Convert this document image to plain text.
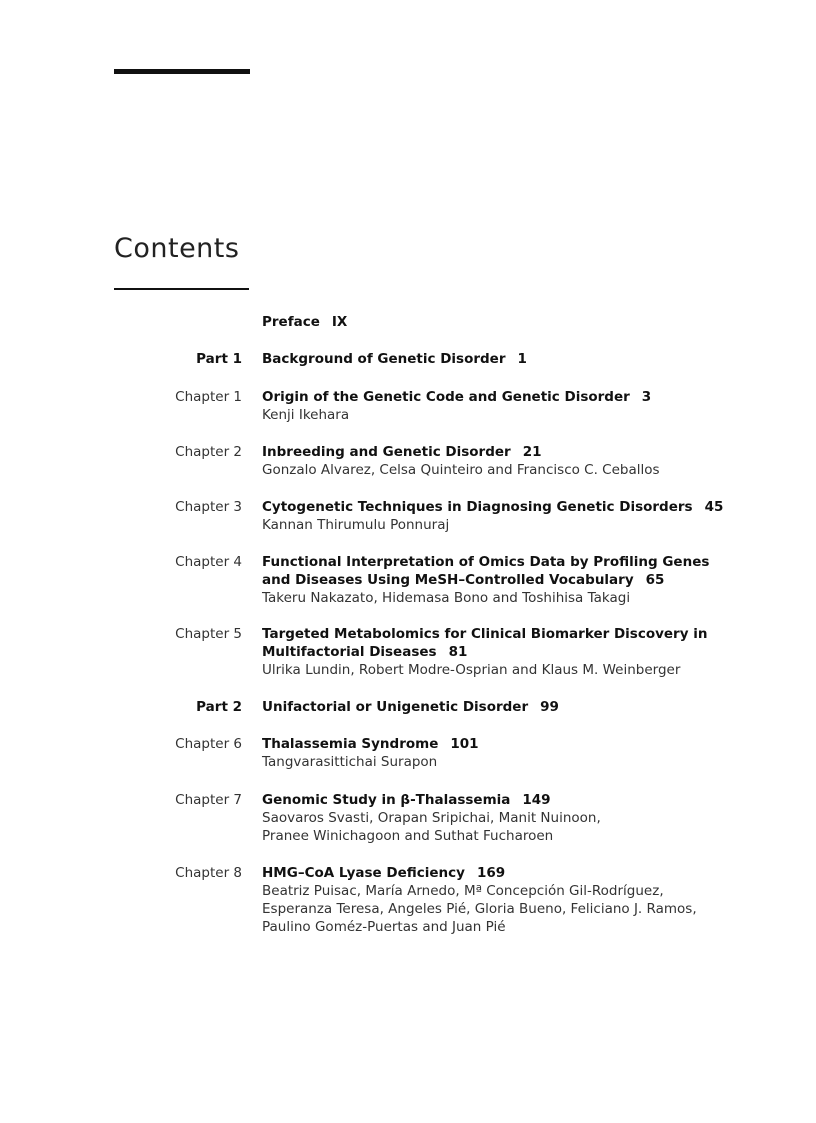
Contents
Preface IX
Part 1 Background of Genetic Disorder 1
Chapter 1 Origin of the Genetic Code and Genetic Disorder 3
Kenji Ikehara
Chapter 2 Inbreeding and Genetic Disorder 21
Gonzalo Alvarez, Celsa Quinteiro and Francisco C. Ceballos
Chapter 3 Cytogenetic Techniques in Diagnosing Genetic Disorders 45
Kannan Thirumulu Ponnuraj
Chapter 4 Functional Interpretation of Omics Data by Profiling Genes
and Diseases Using MeSH–Controlled Vocabulary 65
Takeru Nakazato, Hidemasa Bono and Toshihisa Takagi
Chapter 5 Targeted Metabolomics for Clinical Biomarker Discovery in
Multifactorial Diseases 81
Ulrika Lundin, Robert Modre-Osprian and Klaus M. Weinberger
Part 2 Unifactorial or Unigenetic Disorder 99
Chapter 6 Thalassemia Syndrome 101
Tangvarasittichai Surapon
Chapter 7 Genomic Study in β-Thalassemia 149
Saovaros Svasti, Orapan Sripichai, Manit Nuinoon,
Pranee Winichagoon and Suthat Fucharoen
Chapter 8 HMG–CoA Lyase Deficiency 169
Beatriz Puisac, María Arnedo, Mª Concepción Gil-Rodríguez,
Esperanza Teresa, Angeles Pié, Gloria Bueno, Feliciano J. Ramos,
Paulino Goméz-Puertas and Juan Pié
